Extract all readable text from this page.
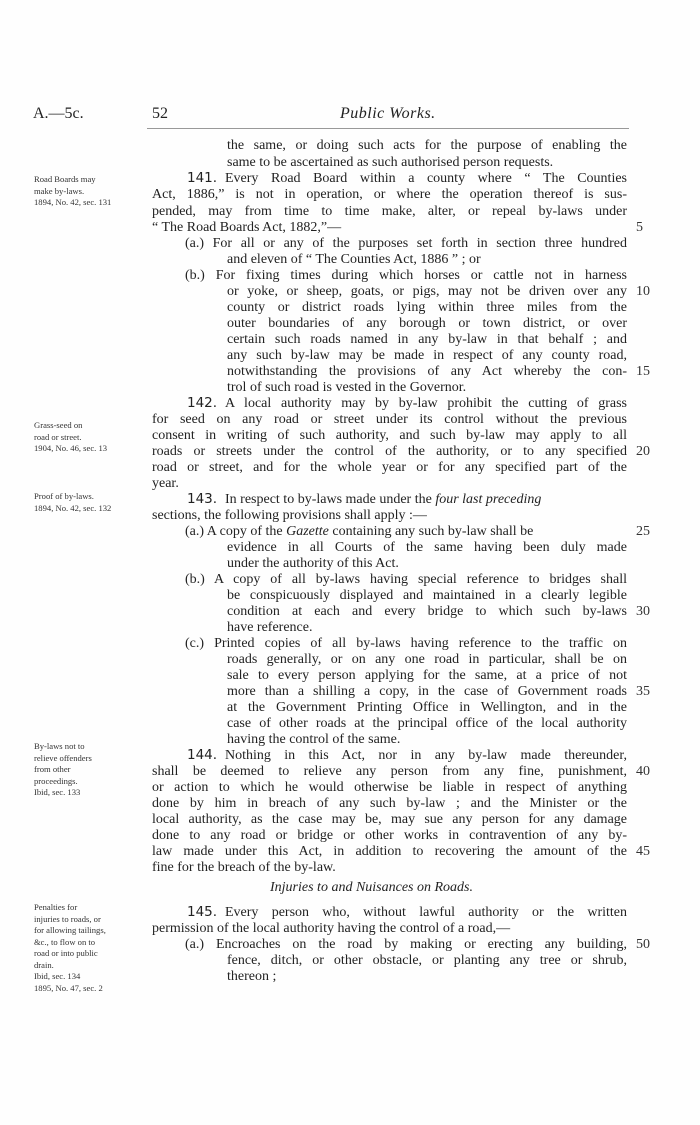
A.—5c.	52	Public Works.
Road Boards may
make by-laws.
1894, No. 42, sec. 131
Grass-seed on
road or street.
1904, No. 46, sec. 13
Proof of by-laws.
1894, No. 42, sec. 132
By-laws not to
relieve offenders
from other
proceedings.
Ibid, sec. 133
Penalties for
injuries to roads, or
for allowing tailings,
&c., to flow on to
road or into public
drain.
Ibid, sec. 134
1895, No. 47, sec. 2
the same, or doing such acts for the purpose of enabling the
same to be ascertained as such authorised person requests.
141. Every Road Board within a county where “ The Counties
Act, 1886,” is not in operation, or where the operation thereof is sus-
pended, may from time to time make, alter, or repeal by-laws under
“ The Road Boards Act, 1882,”—
(a.) For all or any of the purposes set forth in section three hundred
and eleven of “ The Counties Act, 1886 ” ; or
(b.) For fixing times during which horses or cattle not in harness
or yoke, or sheep, goats, or pigs, may not be driven over any
county or district roads lying within three miles from the
outer boundaries of any borough or town district, or over
certain such roads named in any by-law in that behalf ; and
any such by-law may be made in respect of any county road,
notwithstanding the provisions of any Act whereby the con-
trol of such road is vested in the Governor.
142. A local authority may by by-law prohibit the cutting of grass
for seed on any road or street under its control without the previous
consent in writing of such authority, and such by-law may apply to all
roads or streets under the control of the authority, or to any specified
road or street, and for the whole year or for any specified part of the
year.
143. In respect to by-laws made under the four last preceding
sections, the following provisions shall apply :—
(a.) A copy of the Gazette containing any such by-law shall be
evidence in all Courts of the same having been duly made
under the authority of this Act.
(b.) A copy of all by-laws having special reference to bridges shall
be conspicuously displayed and maintained in a clearly legible
condition at each and every bridge to which such by-laws
have reference.
(c.) Printed copies of all by-laws having reference to the traffic on
roads generally, or on any one road in particular, shall be on
sale to every person applying for the same, at a price of not
more than a shilling a copy, in the case of Government roads
at the Government Printing Office in Wellington, and in the
case of other roads at the principal office of the local authority
having the control of the same.
144. Nothing in this Act, nor in any by-law made thereunder,
shall be deemed to relieve any person from any fine, punishment,
or action to which he would otherwise be liable in respect of anything
done by him in breach of any such by-law ; and the Minister or the
local authority, as the case may be, may sue any person for any damage
done to any road or bridge or other works in contravention of any by-
law made under this Act, in addition to recovering the amount of the
fine for the breach of the by-law.
Injuries to and Nuisances on Roads.
145. Every person who, without lawful authority or the written
permission of the local authority having the control of a road,—
(a.) Encroaches on the road by making or erecting any building,
fence, ditch, or other obstacle, or planting any tree or shrub,
thereon ;
5
10
15
20
25
30
35
40
45
50
